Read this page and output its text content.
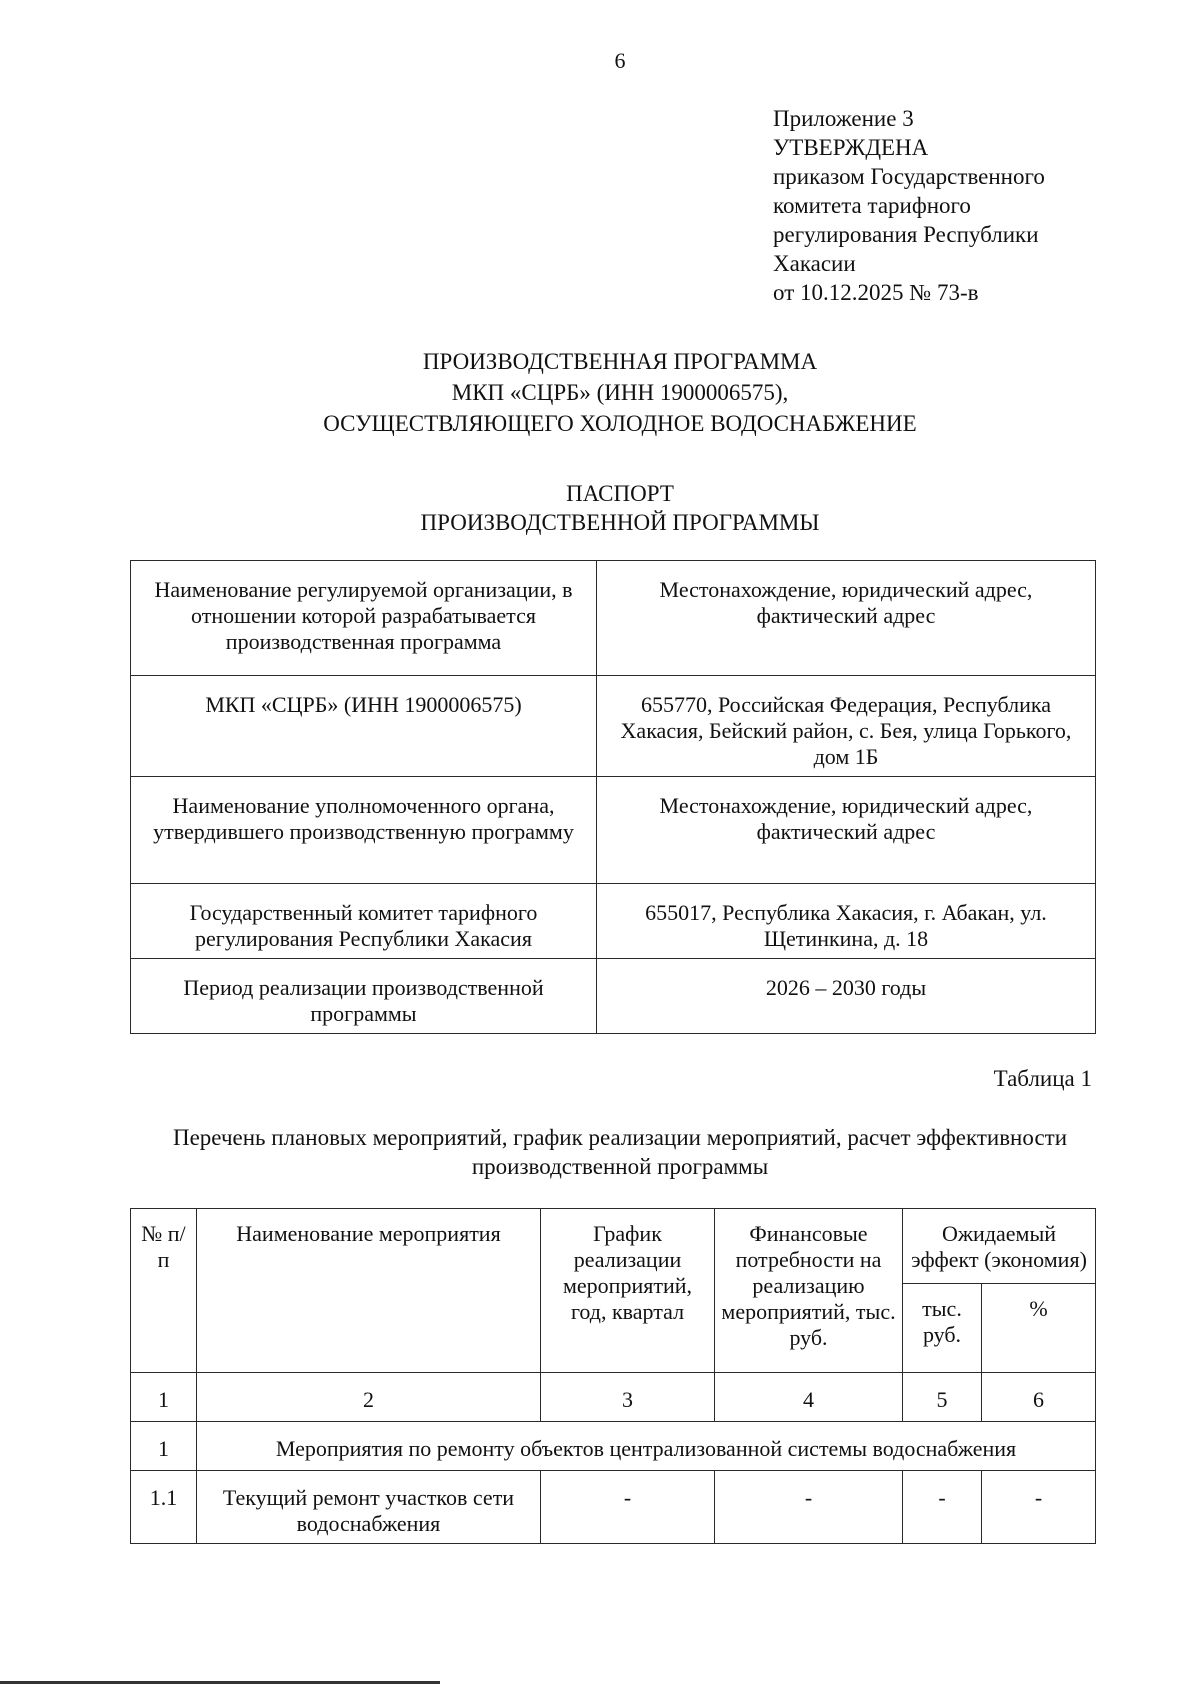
6
Приложение 3
УТВЕРЖДЕНА
приказом Государственного
комитета тарифного
регулирования Республики
Хакасии
от 10.12.2025 № 73-в
ПРОИЗВОДСТВЕННАЯ ПРОГРАММА
МКП «СЦРБ» (ИНН 1900006575),
ОСУЩЕСТВЛЯЮЩЕГО ХОЛОДНОЕ ВОДОСНАБЖЕНИЕ
ПАСПОРТ
ПРОИЗВОДСТВЕННОЙ ПРОГРАММЫ
Наименование регулируемой организации, в отношении которой разрабатывается производственная программа	Местонахождение, юридический адрес, фактический адрес
МКП «СЦРБ» (ИНН 1900006575)	655770, Российская Федерация, Республика Хакасия, Бейский район, с. Бея, улица Горького, дом 1Б
Наименование уполномоченного органа, утвердившего производственную программу	Местонахождение, юридический адрес, фактический адрес
Государственный комитет тарифного регулирования Республики Хакасия	655017, Республика Хакасия, г. Абакан, ул. Щетинкина, д. 18
Период реализации производственной программы	2026 – 2030 годы
Таблица 1
Перечень плановых мероприятий, график реализации мероприятий, расчет эффективности производственной программы
№ п/п	Наименование мероприятия	График реализации мероприятий, год, квартал	Финансовые потребности на реализацию мероприятий, тыс. руб.	Ожидаемый эффект (экономия)	
				тыс. руб.	%
1	2	3	4	5	6
1	Мероприятия по ремонту объектов централизованной системы водоснабжения				
1.1	Текущий ремонт участков сети водоснабжения	-	-	-	-
